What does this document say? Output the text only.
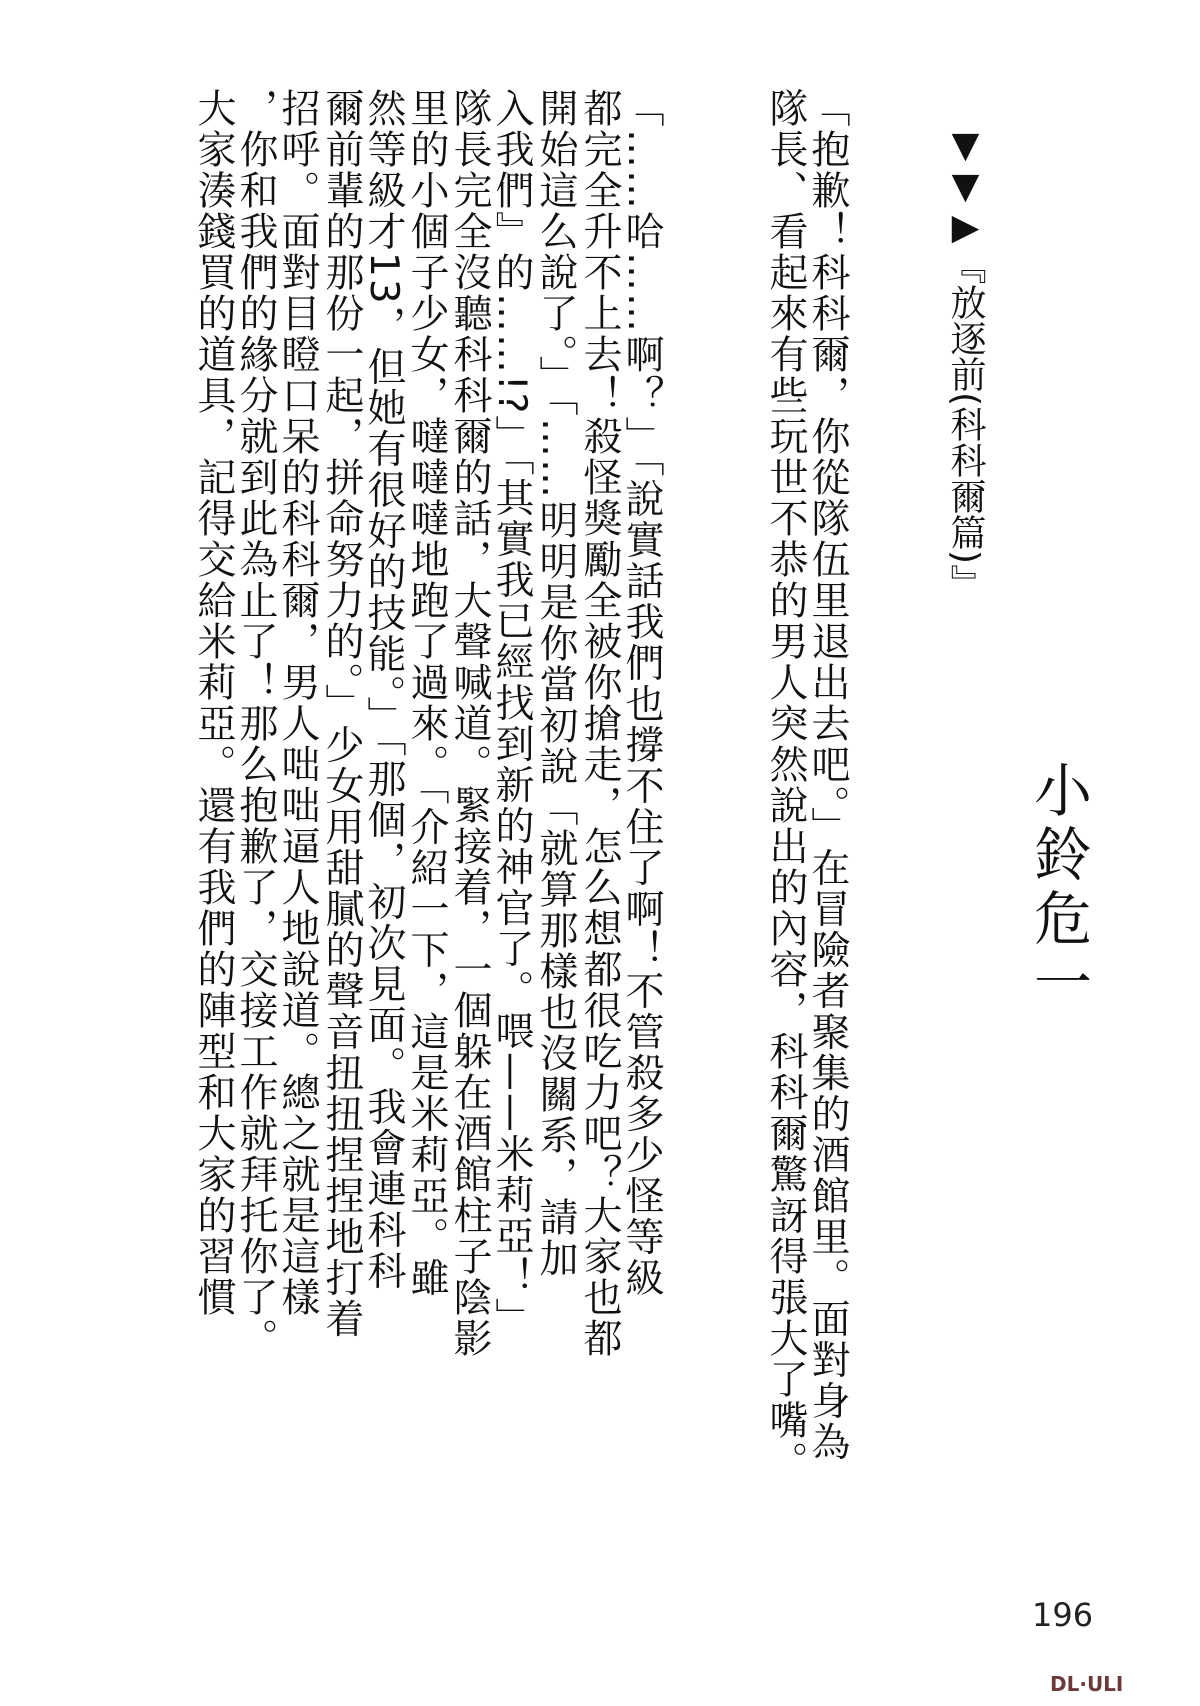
▼▼▶『放逐前(科科爾篇)』
小鈴危一
「抱歉！科科爾，你從隊伍里退出去吧。」在冒險者聚集的酒館里。面對身為
隊長、看起來有些玩世不恭的男人突然說出的內容，科科爾驚訝得張大了嘴。
「……哈……啊？」「說實話我們也撐不住了啊！不管殺多少怪等級
都完全升不上去！殺怪獎勵全被你搶走，怎么想都很吃力吧？大家也都
開始這么說了。」「……明明是你當初說「就算那樣也沒關系，請加
入我們』的……!?」「其實我已經找到新的神官了。喂——米莉亞！」
隊長完全沒聽科科爾的話，大聲喊道。緊接着，一個躲在酒館柱子陰影
里的小個子少女，噠噠噠地跑了過來。「介紹一下，這是米莉亞。雖
然等級才13，但她有很好的技能。」「那個，初次見面。我會連科科
爾前輩的那份一起，拼命努力的。」少女用甜膩的聲音扭扭捏捏地打着
招呼。面對目瞪口呆的科科爾，男人咄咄逼人地說道。總之就是這樣
，你和我們的緣分就到此為止了！那么抱歉了，交接工作就拜托你了。
大家湊錢買的道具，記得交給米莉亞。還有我們的陣型和大家的習慣
196
DL·ULI
